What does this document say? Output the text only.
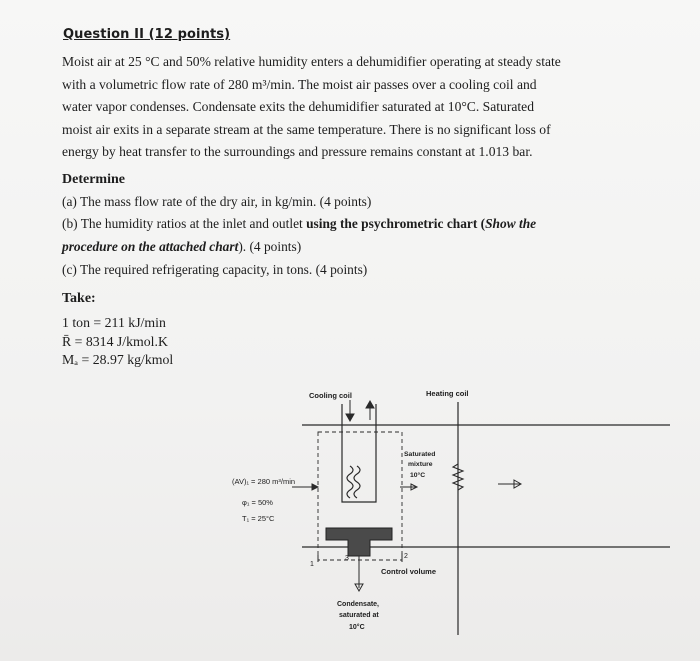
Question II (12 points)
Moist air at 25 °C and 50% relative humidity enters a dehumidifier operating at steady state
with a volumetric flow rate of 280 m³/min. The moist air passes over a cooling coil and
water vapor condenses. Condensate exits the dehumidifier saturated at 10°C. Saturated
moist air exits in a separate stream at the same temperature. There is no significant loss of
energy by heat transfer to the surroundings and pressure remains constant at 1.013 bar.
Determine
(a) The mass flow rate of the dry air, in kg/min. (4 points)
(b) The humidity ratios at the inlet and outlet using the psychrometric chart (Show the
procedure on the attached chart). (4 points)
(c) The required refrigerating capacity, in tons. (4 points)
Take:
1 ton = 211 kJ/min
R̄ = 8314 J/kmol.K
Mₐ = 28.97 kg/kmol
Cooling coil	Heating coil
(AV)₁ = 280 m³/min
φ₁ = 50%
T₁ = 25°C
Saturated
mixture
10°C
1
2
3
Control volume
Condensate,
saturated at
10°C
